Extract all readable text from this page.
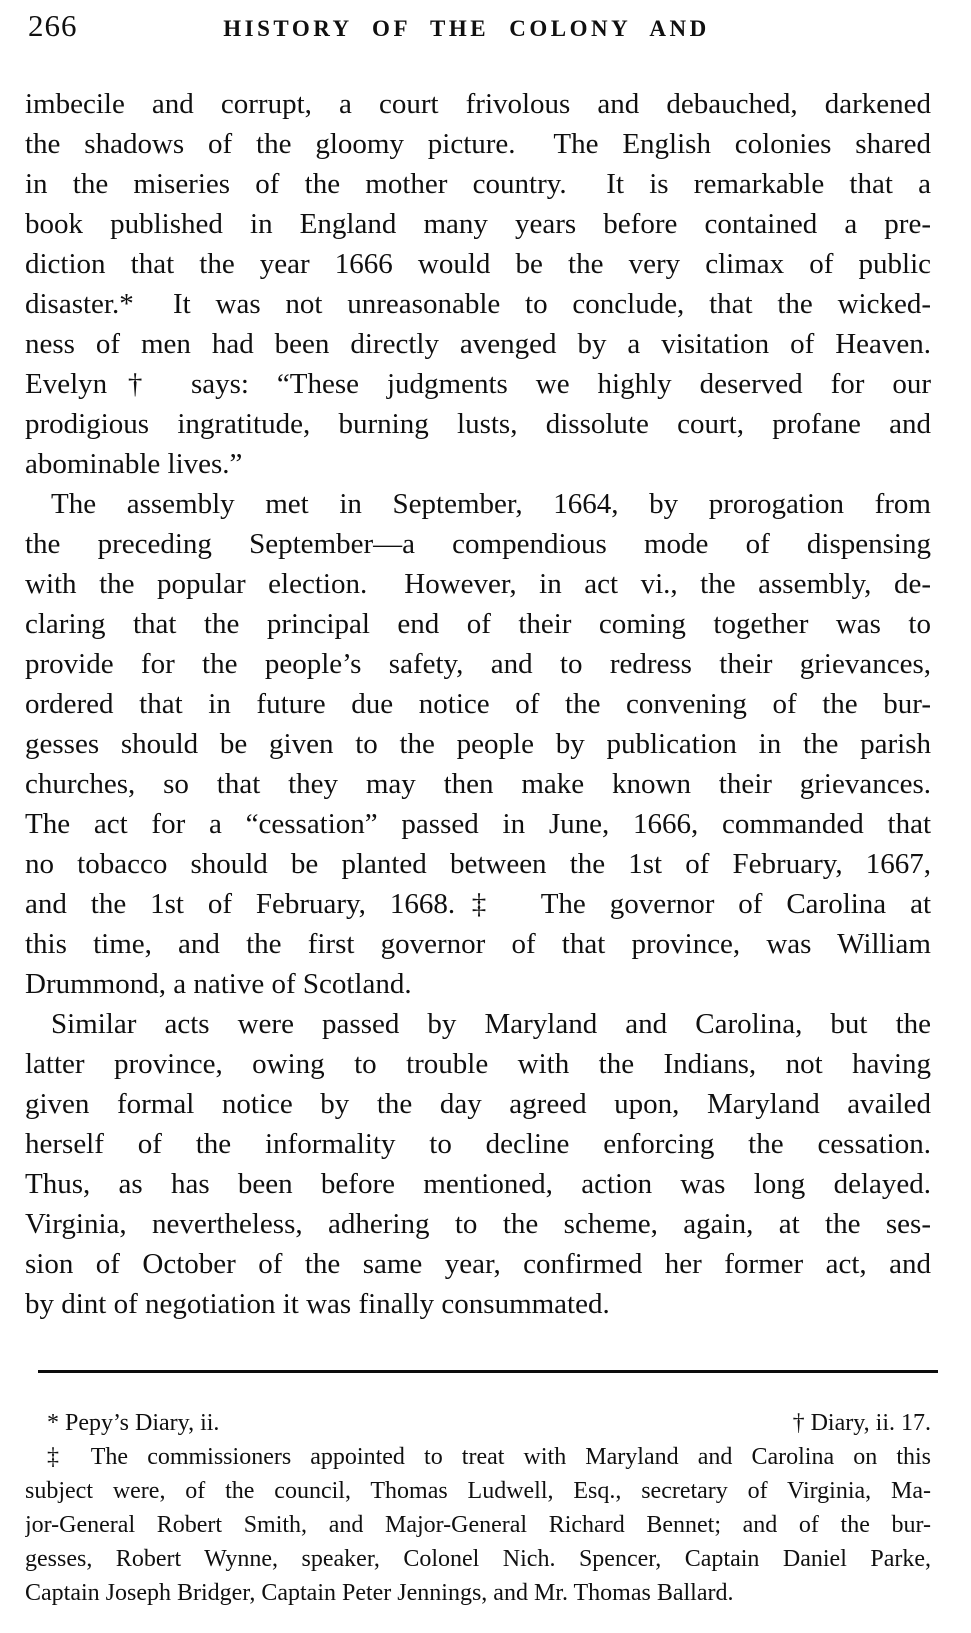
266	HISTORY OF THE COLONY AND
imbecile and corrupt, a court frivolous and debauched, darkened
the shadows of the gloomy picture.  The English colonies shared
in the miseries of the mother country.  It is remarkable that a
book published in England many years before contained a pre-
diction that the year 1666 would be the very climax of public
disaster.*  It was not unreasonable to conclude, that the wicked-
ness of men had been directly avenged by a visitation of Heaven.
Evelyn† says: “These judgments we highly deserved for our
prodigious ingratitude, burning lusts, dissolute court, profane and
abominable lives.”
The assembly met in September, 1664, by prorogation from
the preceding September—a compendious mode of dispensing
with the popular election.  However, in act vi., the assembly, de-
claring that the principal end of their coming together was to
provide for the people’s safety, and to redress their grievances,
ordered that in future due notice of the convening of the bur-
gesses should be given to the people by publication in the parish
churches, so that they may then make known their grievances.
The act for a “cessation” passed in June, 1666, commanded that
no tobacco should be planted between the 1st of February, 1667,
and the 1st of February, 1668.‡  The governor of Carolina at
this time, and the first governor of that province, was William
Drummond, a native of Scotland.
Similar acts were passed by Maryland and Carolina, but the
latter province, owing to trouble with the Indians, not having
given formal notice by the day agreed upon, Maryland availed
herself of the informality to decline enforcing the cessation.
Thus, as has been before mentioned, action was long delayed.
Virginia, nevertheless, adhering to the scheme, again, at the ses-
sion of October of the same year, confirmed her former act, and
by dint of negotiation it was finally consummated.
* Pepy’s Diary, ii.	† Diary, ii. 17.
‡ The commissioners appointed to treat with Maryland and Carolina on this
subject were, of the council, Thomas Ludwell, Esq., secretary of Virginia, Ma-
jor-General Robert Smith, and Major-General Richard Bennet; and of the bur-
gesses, Robert Wynne, speaker, Colonel Nich. Spencer, Captain Daniel Parke,
Captain Joseph Bridger, Captain Peter Jennings, and Mr. Thomas Ballard.
